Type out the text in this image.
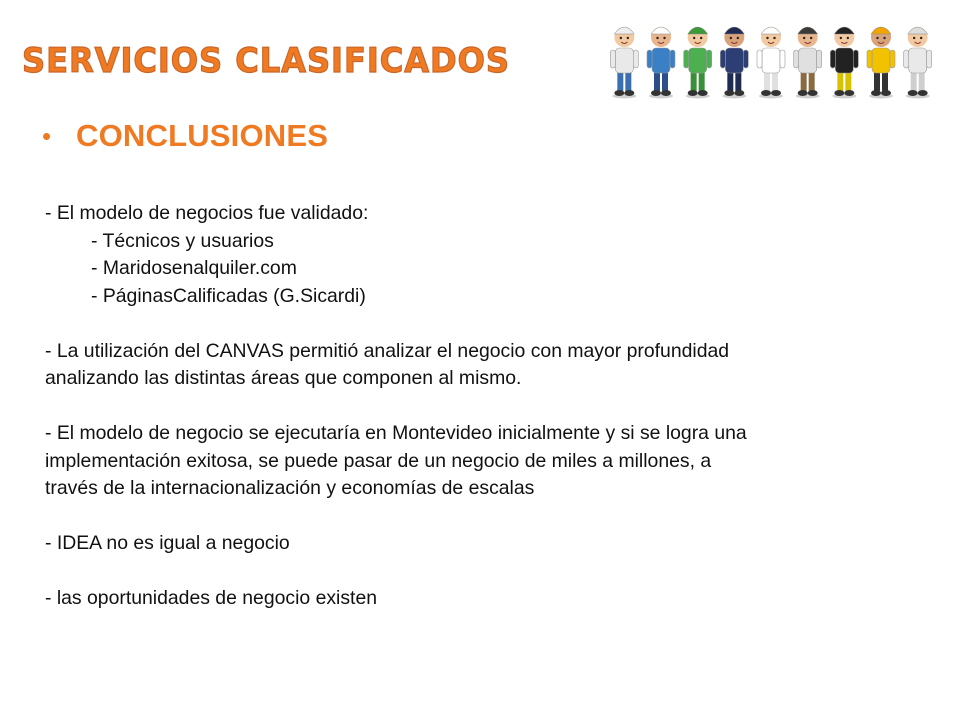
SERVICIOS CLASIFICADOS
• CONCLUSIONES
- El modelo de negocios fue validado:
- Técnicos y usuarios
- Maridosenalquiler.com
- PáginasCalificadas (G.Sicardi)
- La utilización del CANVAS permitió analizar el negocio con mayor profundidad
analizando las distintas áreas que componen al mismo.
- El modelo de negocio se ejecutaría en Montevideo inicialmente y si se logra una
implementación exitosa, se puede pasar de un negocio de miles a millones, a
través de la internacionalización y economías de escalas
- IDEA no es igual a negocio
- las oportunidades de negocio existen
